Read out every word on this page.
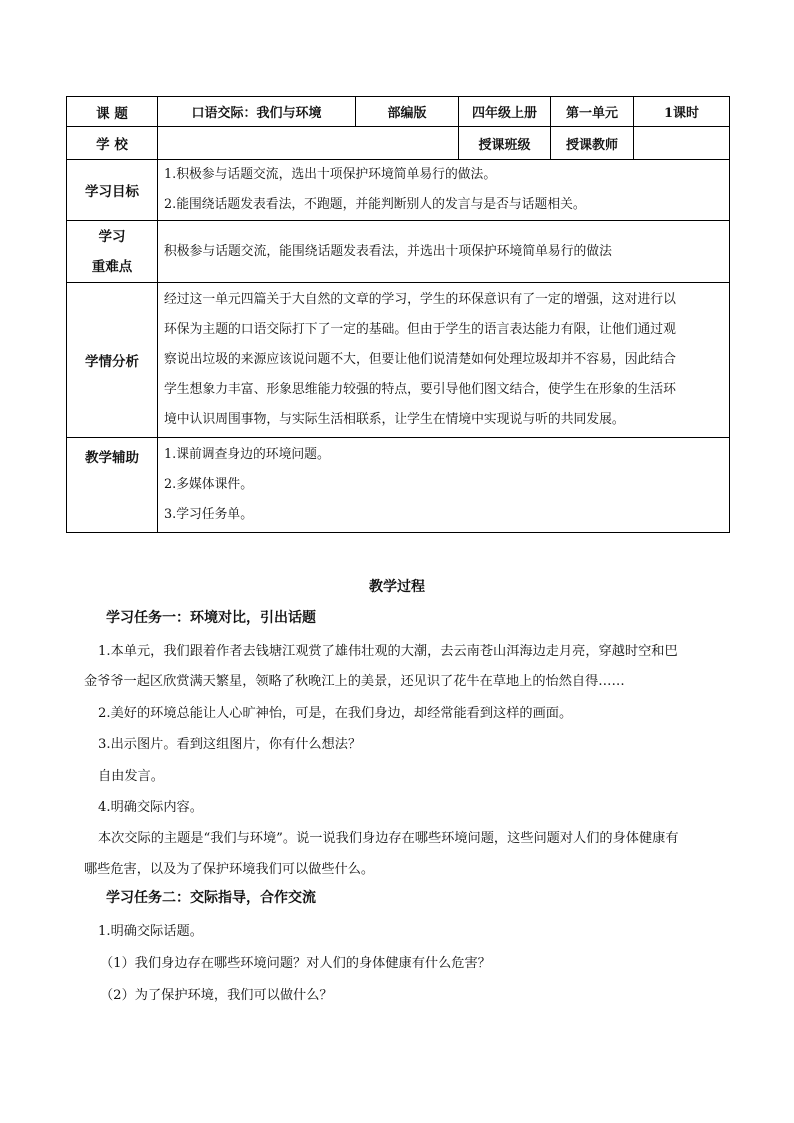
课 题	口语交际：我们与环境	部编版	四年级上册	第一单元	1课时
学 校			授课班级	授课教师	
学习目标	1.积极参与话题交流，选出十项保护环境简单易行的做法。
2.能围绕话题发表看法，不跑题，并能判断别人的发言与是否与话题相关。				

学习
重难点	积极参与话题交流，能围绕话题发表看法，并选出十项保护环境简单易行的做法				

学情分析	经过这一单元四篇关于大自然的文章的学习，学生的环保意识有了一定的增强，这对进行以
环保为主题的口语交际打下了一定的基础。但由于学生的语言表达能力有限，让他们通过观
察说出垃圾的来源应该说问题不大，但要让他们说清楚如何处理垃圾却并不容易，因此结合
学生想象力丰富、形象思维能力较强的特点，要引导他们图文结合，使学生在形象的生活环
境中认识周围事物，与实际生活相联系，让学生在情境中实现说与听的共同发展。				

教学辅助	1.课前调查身边的环境问题。
2.多媒体课件。
3.学习任务单。				
教学过程
学习任务一：环境对比，引出话题
1.本单元，我们跟着作者去钱塘江观赏了雄伟壮观的大潮，去云南苍山洱海边走月亮，穿越时空和巴
金爷爷一起区欣赏满天繁星，领略了秋晚江上的美景，还见识了花牛在草地上的怡然自得……
2.美好的环境总能让人心旷神怡，可是，在我们身边，却经常能看到这样的画面。
3.出示图片。看到这组图片，你有什么想法？
自由发言。
4.明确交际内容。
本次交际的主题是“我们与环境”。说一说我们身边存在哪些环境问题，这些问题对人们的身体健康有
哪些危害，以及为了保护环境我们可以做些什么。
学习任务二：交际指导，合作交流
1.明确交际话题。
（1）我们身边存在哪些环境问题？对人们的身体健康有什么危害？
（2）为了保护环境，我们可以做什么？
